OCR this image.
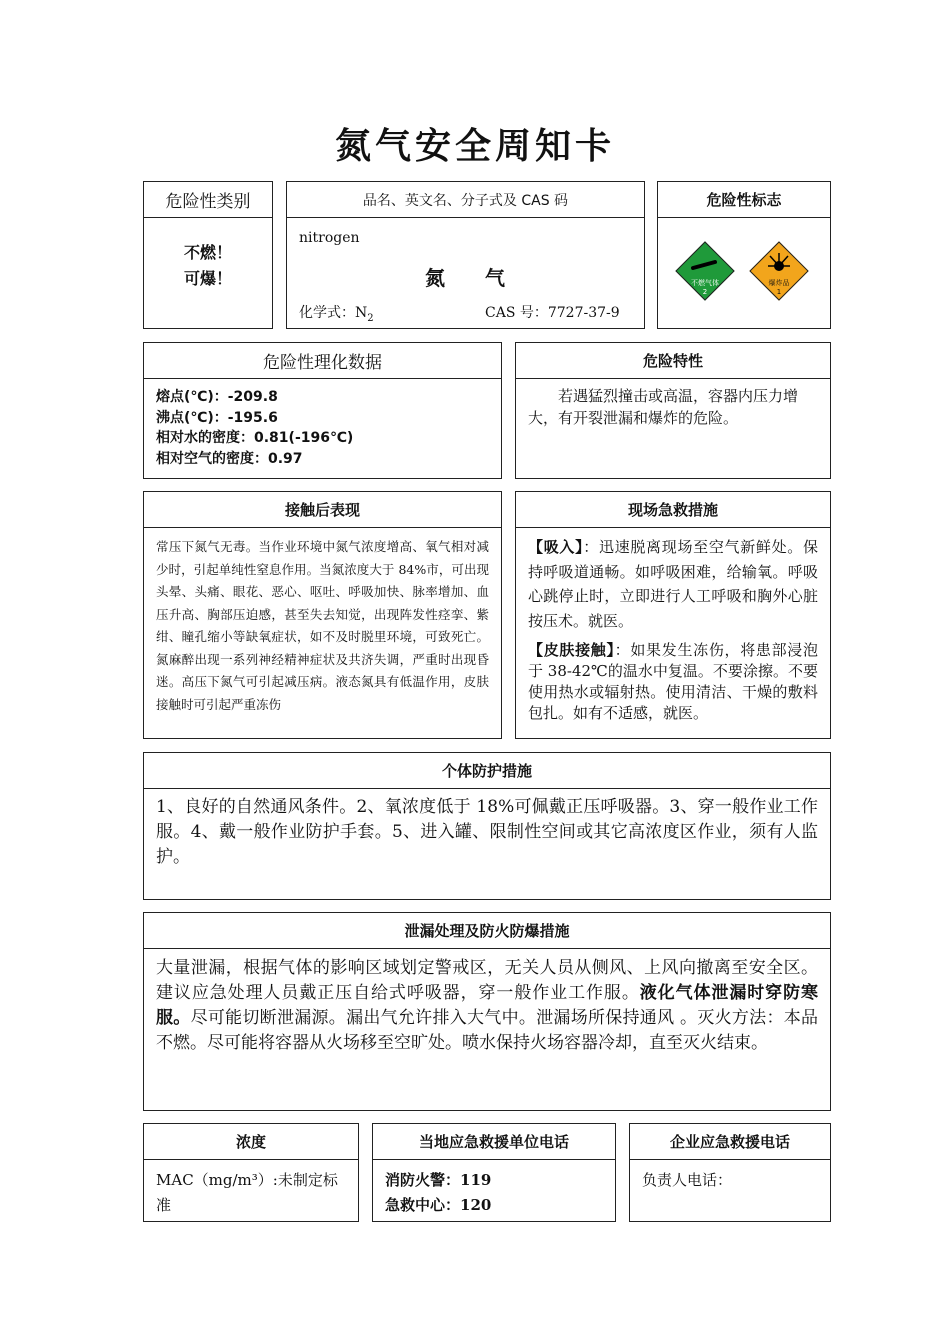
氮气安全周知卡
危险性类别
不燃！
可爆！
品名、英文名、分子式及 CAS 码
nitrogen
氮　　气
化学式：$N_2$	CAS 号：7727-37-9
危险性标志
不燃气体
2
爆炸品
1
危险性理化数据
熔点(℃)：-209.8
沸点(℃)：-195.6
相对水的密度：0.81(-196℃)
相对空气的密度：0.97
危险特性
若遇猛烈撞击或高温，容器内压力增大，有开裂泄漏和爆炸的危险。
接触后表现
常压下氮气无毒。当作业环境中氮气浓度增高、氧气相对减少时，引起单纯性窒息作用。当氮浓度大于 84%市，可出现头晕、头痛、眼花、恶心、呕吐、呼吸加快、脉率增加、血压升高、胸部压迫感，甚至失去知觉，出现阵发性痉挛、紫绀、瞳孔缩小等缺氧症状，如不及时脱里环境，可致死亡。氮麻醉出现一系列神经精神症状及共济失调，严重时出现昏迷。高压下氮气可引起减压病。液态氮具有低温作用，皮肤接触时可引起严重冻伤
现场急救措施
【吸入】：迅速脱离现场至空气新鲜处。保持呼吸道通畅。如呼吸困难，给输氧。呼吸心跳停止时，立即进行人工呼吸和胸外心脏按压术。就医。
【皮肤接触】：如果发生冻伤，将患部浸泡于 38-42℃的温水中复温。不要涂擦。不要使用热水或辐射热。使用清洁、干燥的敷料包扎。如有不适感，就医。
个体防护措施
1、良好的自然通风条件。2、氧浓度低于 18%可佩戴正压呼吸器。3、穿一般作业工作服。4、戴一般作业防护手套。5、进入罐、限制性空间或其它高浓度区作业，须有人监护。
泄漏处理及防火防爆措施
大量泄漏，根据气体的影响区域划定警戒区，无关人员从侧风、上风向撤离至安全区。建议应急处理人员戴正压自给式呼吸器，穿一般作业工作服。液化气体泄漏时穿防寒服。尽可能切断泄漏源。漏出气允许排入大气中。泄漏场所保持通风 。灭火方法：本品不燃。尽可能将容器从火场移至空旷处。喷水保持火场容器冷却，直至灭火结束。
浓度
MAC（mg/m³）:未制定标准
当地应急救援单位电话
消防火警：119
急救中心：120
企业应急救援电话
负责人电话：
